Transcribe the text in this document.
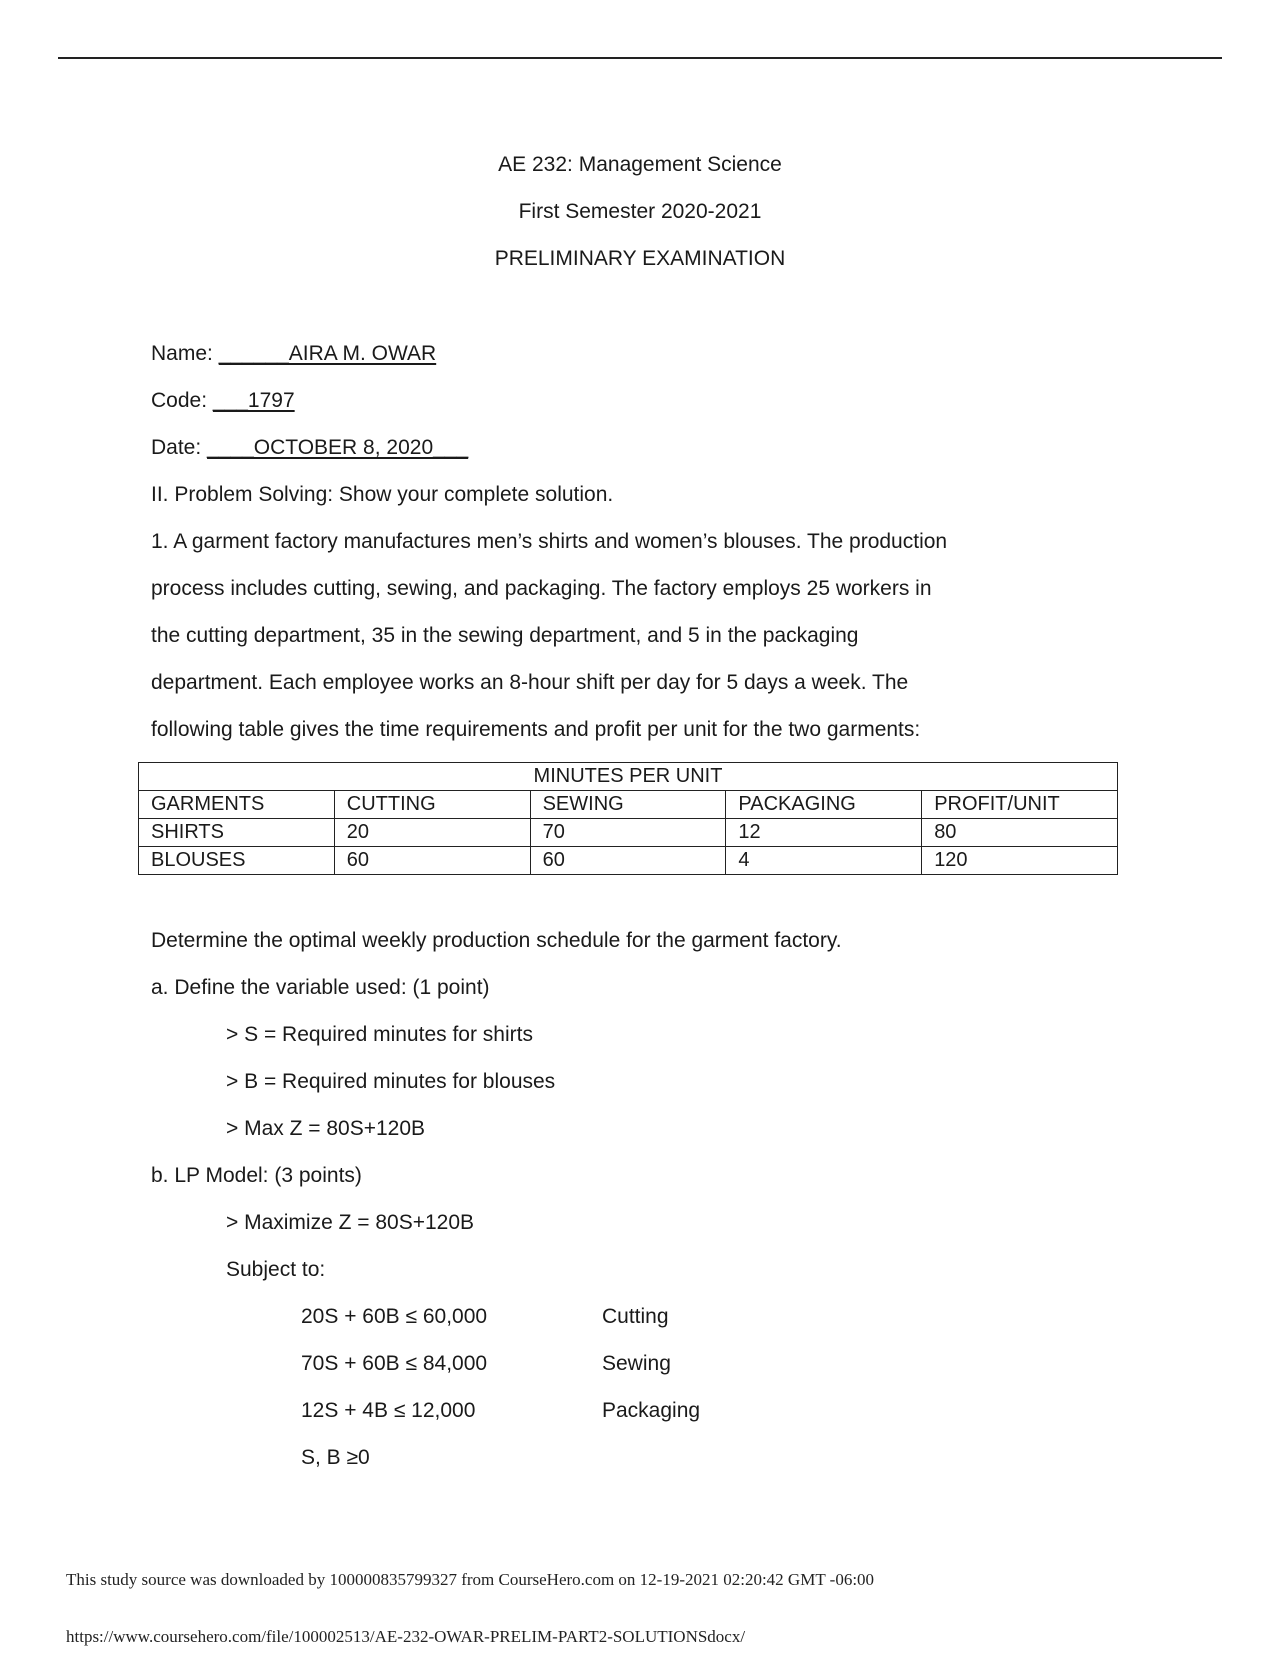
AE 232: Management Science
First Semester 2020-2021
PRELIMINARY EXAMINATION
Name: ______AIRA M. OWAR
Code: ___1797
Date: ____OCTOBER 8, 2020___
II. Problem Solving: Show your complete solution.
1. A garment factory manufactures men’s shirts and women’s blouses. The production
process includes cutting, sewing, and packaging. The factory employs 25 workers in
the cutting department, 35 in the sewing department, and 5 in the packaging
department. Each employee works an 8-hour shift per day for 5 days a week. The
following table gives the time requirements and profit per unit for the two garments:
MINUTES PER UNIT				
GARMENTS	CUTTING	SEWING	PACKAGING	PROFIT/UNIT
SHIRTS	20	70	12	80
BLOUSES	60	60	4	120
Determine the optimal weekly production schedule for the garment factory.
a. Define the variable used: (1 point)
> S = Required minutes for shirts
> B = Required minutes for blouses
> Max Z = 80S+120B
b. LP Model: (3 points)
> Maximize Z = 80S+120B
Subject to:
20S + 60B ≤ 60,000	Cutting
70S + 60B ≤ 84,000	Sewing
12S + 4B ≤ 12,000	Packaging
S, B ≥0
This study source was downloaded by 100000835799327 from CourseHero.com on 12-19-2021 02:20:42 GMT -06:00
https://www.coursehero.com/file/100002513/AE-232-OWAR-PRELIM-PART2-SOLUTIONSdocx/
